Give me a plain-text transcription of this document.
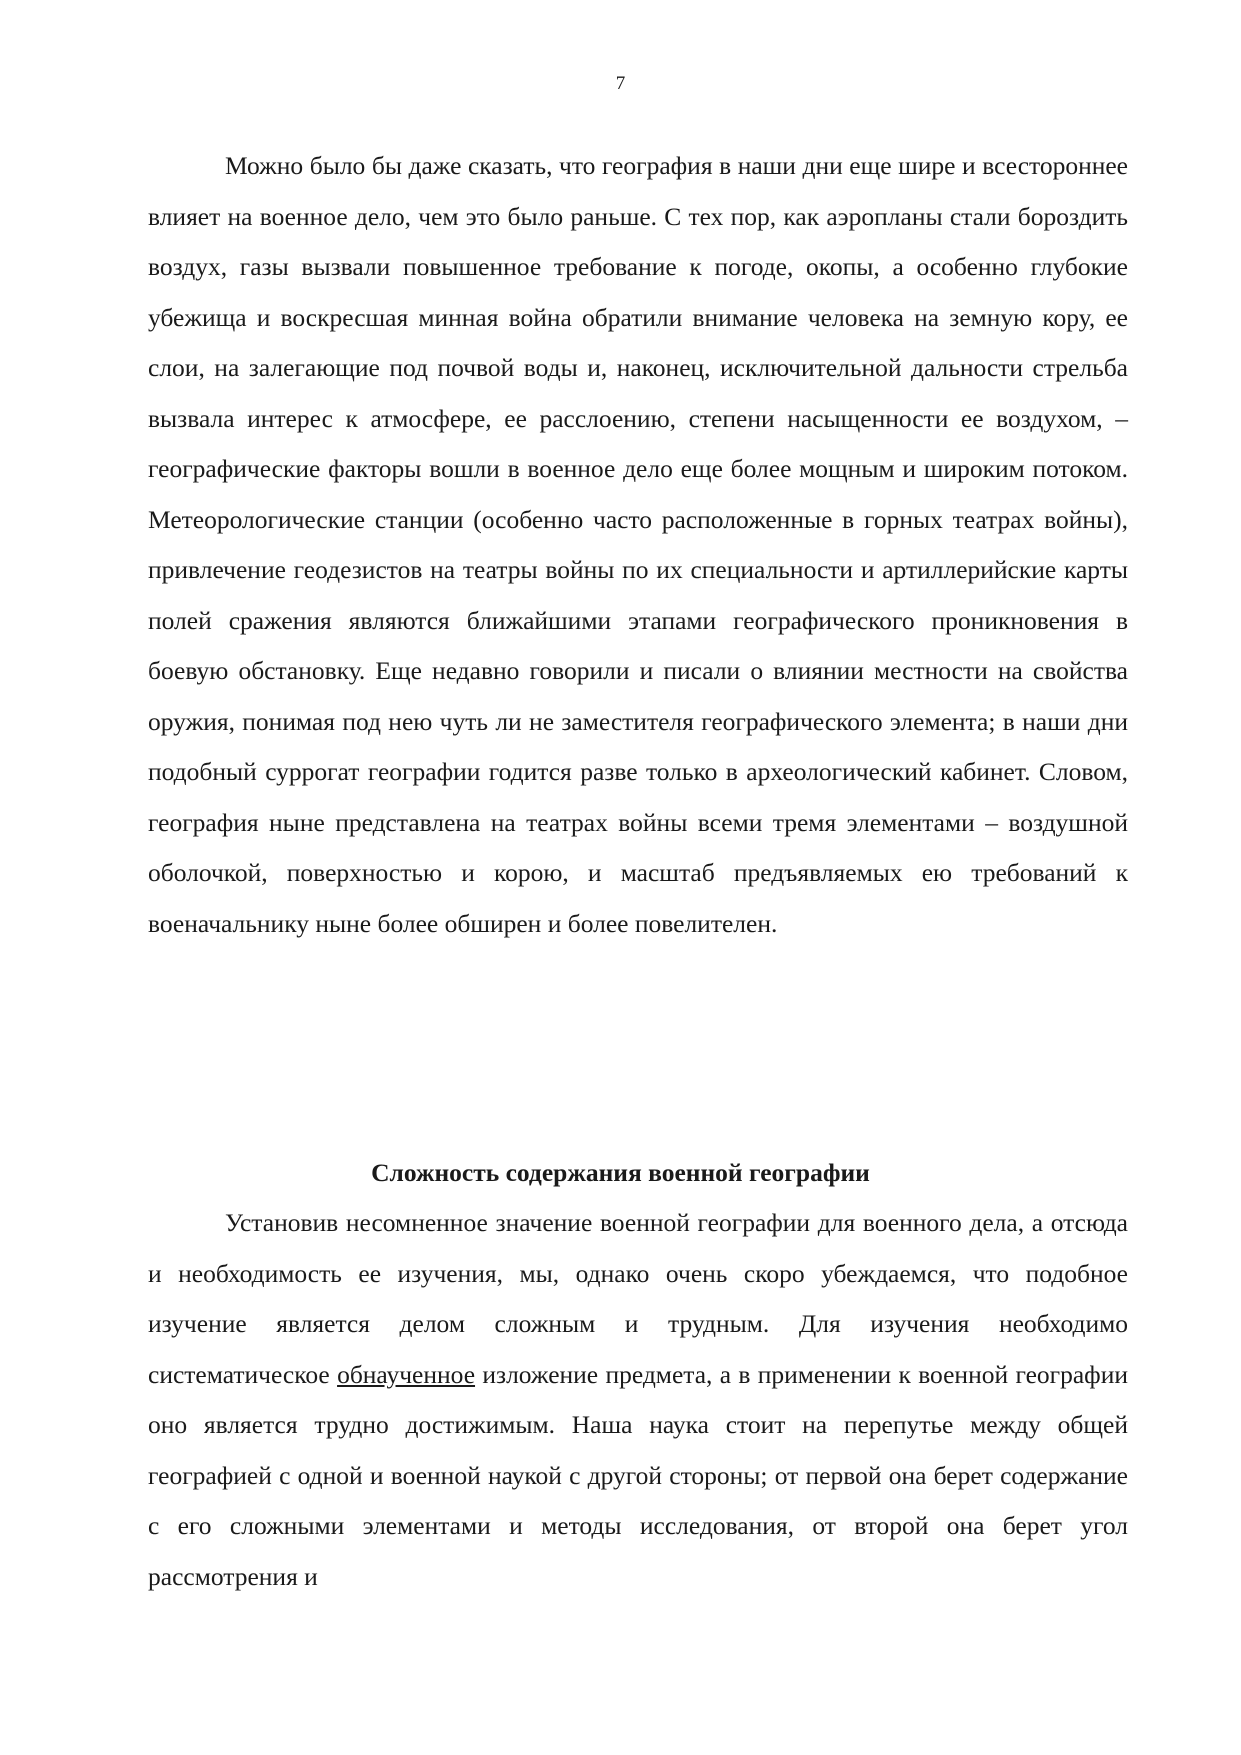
7

Можно было бы даже сказать, что география в наши дни еще шире и всестороннее влияет на военное дело, чем это было раньше. С тех пор, как аэропланы стали бороздить воздух, газы вызвали повышенное требование к погоде, окопы, а особенно глубокие убежища и воскресшая минная война обратили внимание человека на земную кору, ее слои, на залегающие под почвой воды и, наконец, исключительной дальности стрельба вызвала интерес к атмосфере, ее расслоению, степени насыщенности ее воздухом, – географические факторы вошли в военное дело еще более мощным и широким потоком. Метеорологические станции (особенно часто расположенные в горных театрах войны), привлечение геодезистов на театры войны по их специальности и артиллерийские карты полей сражения являются ближайшими этапами географического проникновения в боевую обстановку. Еще недавно говорили и писали о влиянии местности на свойства оружия, понимая под нею чуть ли не заместителя географического элемента; в наши дни подобный суррогат географии годится разве только в археологический кабинет. Словом, география ныне представлена на театрах войны всеми тремя элементами – воздушной оболочкой, поверхностью и корою, и масштаб предъявляемых ею требований к военачальнику ныне более обширен и более повелителен.

Сложность содержания военной географии

Установив несомненное значение военной географии для военного дела, а отсюда и необходимость ее изучения, мы, однако очень скоро убеждаемся, что подобное изучение является делом сложным и трудным. Для изучения необходимо систематическое обнаученное изложение предмета, а в применении к военной географии оно является трудно достижимым. Наша наука стоит на перепутье между общей географией с одной и военной наукой с другой стороны; от первой она берет содержание с его сложными элементами и методы исследования, от второй она берет угол рассмотрения и
